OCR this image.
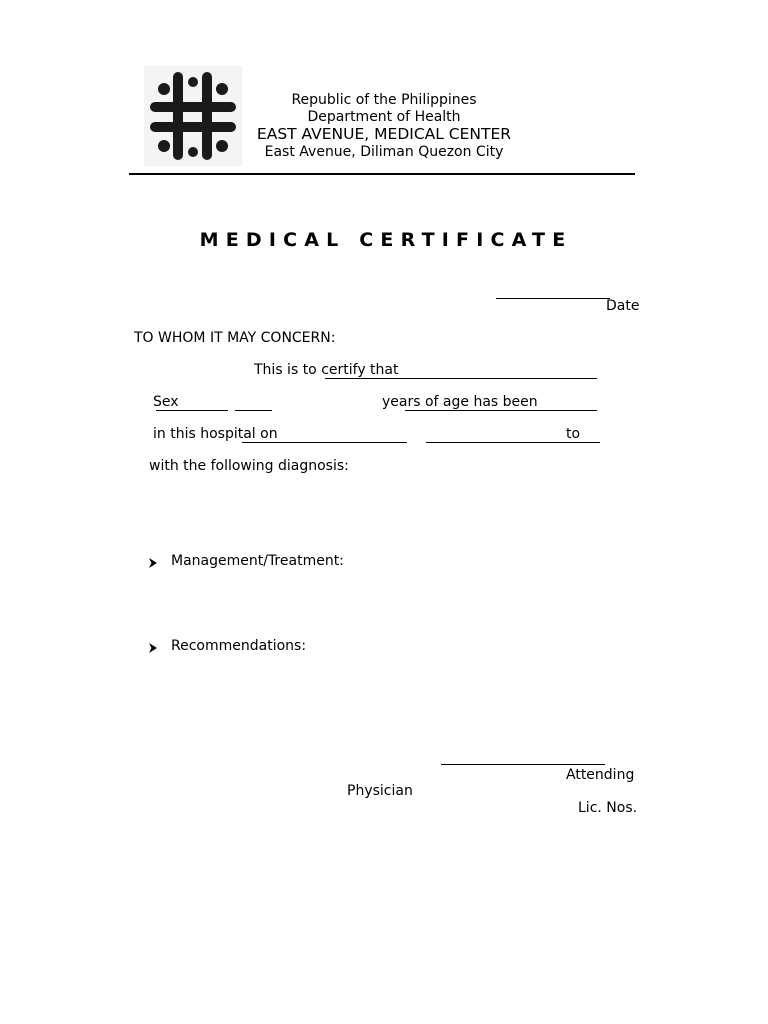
Republic of the Philippines
Department of Health
EAST AVENUE, MEDICAL CENTER
East Avenue, Diliman Quezon City
MEDICAL CERTIFICATE
Date
TO WHOM IT MAY CONCERN:
This is to certify that
Sex	years of age has been
in this hospital on	to
with the following diagnosis:
Management/Treatment:
Recommendations:
Attending
Physician
Lic. Nos.
